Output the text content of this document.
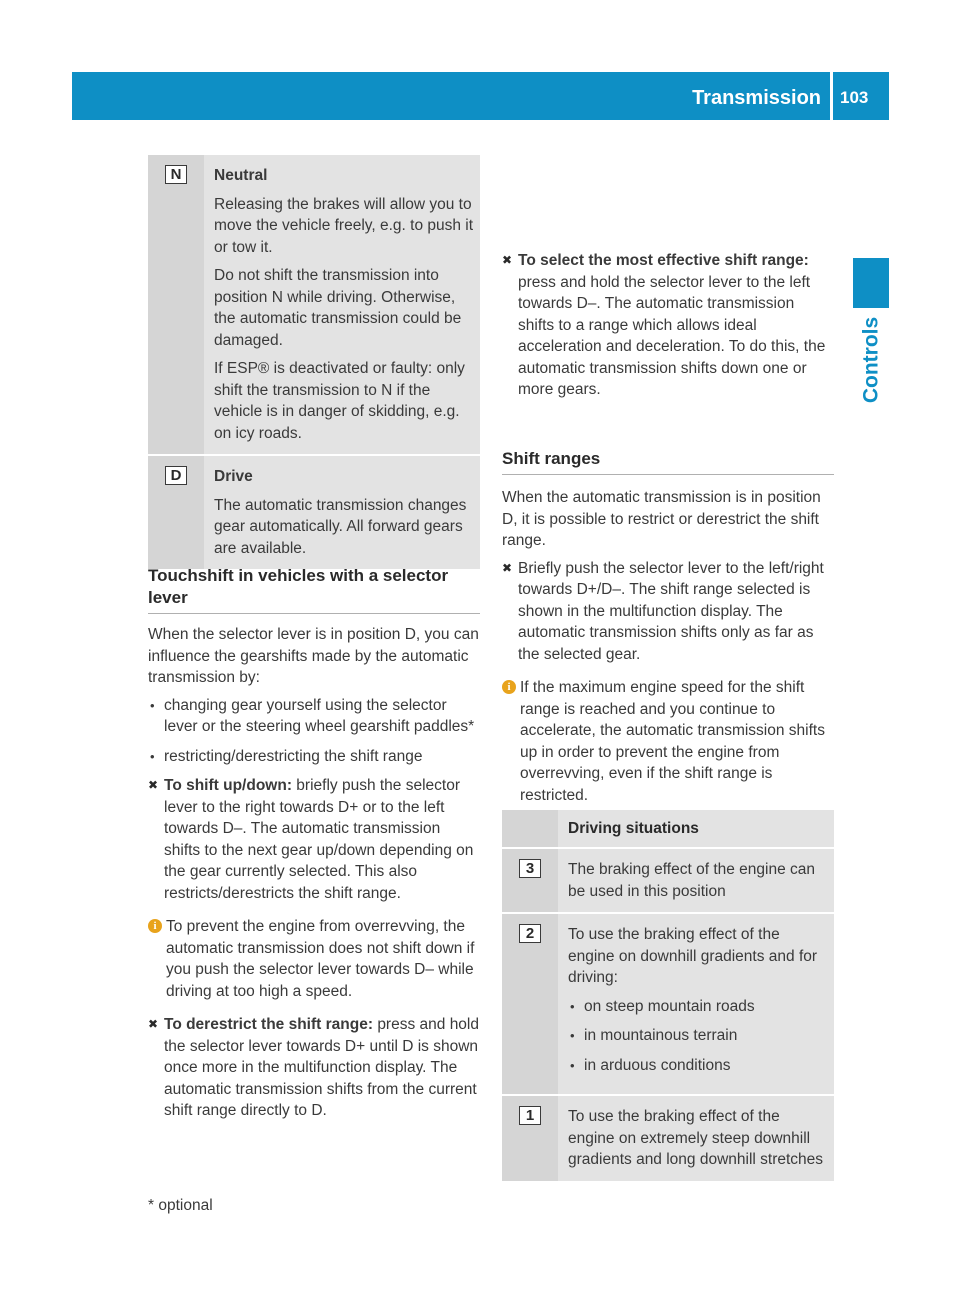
Transmission 103
Controls
N	Neutral

Releasing the brakes will allow you to move the vehicle freely, e.g. to push it or tow it.

Do not shift the transmission into position N while driving. Otherwise, the automatic transmission could be damaged.

If ESP® is deactivated or faulty: only shift the transmission to N if the vehicle is in danger of skidding, e.g. on icy roads.

D	Drive

The automatic transmission changes gear automatically. All forward gears are available.

Touchshift in vehicles with a selector lever

When the selector lever is in position D, you can influence the gearshifts made by the automatic transmission by:

• changing gear yourself using the selector lever or the steering wheel gearshift paddles*
• restricting/derestricting the shift range
✖ To shift up/down: briefly push the selector lever to the right towards D+ or to the left towards D–. The automatic transmission shifts to the next gear up/down depending on the gear currently selected. This also restricts/derestricts the shift range.
i To prevent the engine from overrevving, the automatic transmission does not shift down if you push the selector lever towards D– while driving at too high a speed.
✖ To derestrict the shift range: press and hold the selector lever towards D+ until D is shown once more in the multifunction display. The automatic transmission shifts from the current shift range directly to D.
✖ To select the most effective shift range: press and hold the selector lever to the left towards D–. The automatic transmission shifts to a range which allows ideal acceleration and deceleration. To do this, the automatic transmission shifts down one or more gears.
Shift ranges

When the automatic transmission is in position D, it is possible to restrict or derestrict the shift range.

✖ Briefly push the selector lever to the left/right towards D+/D–. The shift range selected is shown in the multifunction display. The automatic transmission shifts only as far as the selected gear.
i If the maximum engine speed for the shift range is reached and you continue to accelerate, the automatic transmission shifts up in order to prevent the engine from overrevving, even if the shift range is restricted.
Driving situations
3	The braking effect of the engine can be used in this position

2	To use the braking effect of the engine on downhill gradients and for driving:

• on steep mountain roads
• in mountainous terrain
• in arduous conditions
1	To use the braking effect of the engine on extremely steep downhill gradients and long downhill stretches

* optional
